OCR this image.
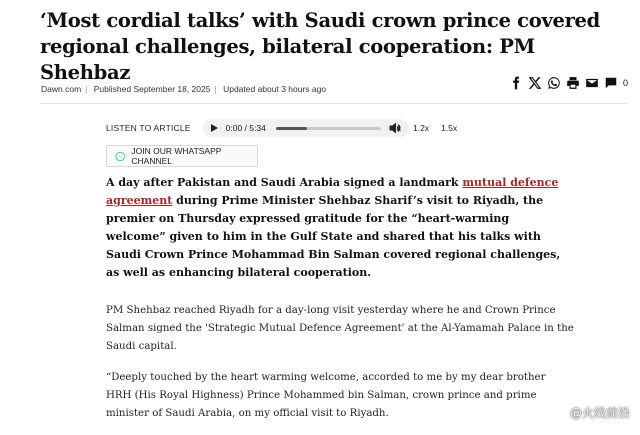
‘Most cordial talks’ with Saudi crown prince covered regional challenges, bilateral cooperation: PM Shehbaz
Dawn.com | Published September 18, 2025 | Updated about 3 hours ago
0
LISTEN TO ARTICLE	0:00 / 5:34	1x 1.2x 1.5x
JOIN OUR WHATSAPP CHANNEL

A day after Pakistan and Saudi Arabia signed a landmark mutual defence agreement during Prime Minister Shehbaz Sharif’s visit to Riyadh, the premier on Thursday expressed gratitude for the “heart-warming welcome” given to him in the Gulf State and shared that his talks with Saudi Crown Prince Mohammad Bin Salman covered regional challenges, as well as enhancing bilateral cooperation.

PM Shehbaz reached Riyadh for a day-long visit yesterday where he and Crown Prince Salman signed the 'Strategic Mutual Defence Agreement' at the Al-Yamamah Palace in the Saudi capital.

“Deeply touched by the heart warming welcome, accorded to me by my dear brother HRH (His Royal Highness) Prince Mohammed bin Salman, crown prince and prime minister of Saudi Arabia, on my official visit to Riyadh.	@火线前沿
